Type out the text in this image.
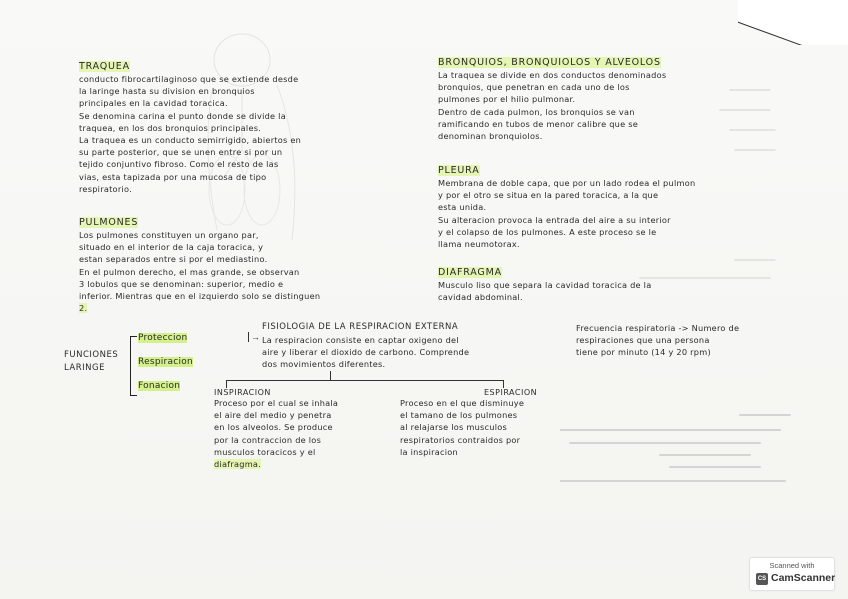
TRAQUEA
conducto fibrocartilaginoso que se extiende desde
la laringe hasta su division en bronquios
principales en la cavidad toracica.
Se denomina carina el punto donde se divide la
traquea, en los dos bronquios principales.
La traquea es un conducto semirrigido, abiertos en
su parte posterior, que se unen entre si por un
tejido conjuntivo fibroso. Como el resto de las
vias, esta tapizada por una mucosa de tipo
respiratorio.
PULMONES
Los pulmones constituyen un organo par,
situado en el interior de la caja toracica, y
estan separados entre si por el mediastino.
En el pulmon derecho, el mas grande, se observan
3 lobulos que se denominan: superior, medio e
inferior. Mientras que en el izquierdo solo se distinguen
2.
BRONQUIOS, BRONQUIOLOS Y ALVEOLOS
La traquea se divide en dos conductos denominados
bronquios, que penetran en cada uno de los
pulmones por el hilio pulmonar.
Dentro de cada pulmon, los bronquios se van
ramificando en tubos de menor calibre que se
denominan bronquiolos.
PLEURA
Membrana de doble capa, que por un lado rodea el pulmon
y por el otro se situa en la pared toracica, a la que
esta unida.
Su alteracion provoca la entrada del aire a su interior
y el colapso de los pulmones. A este proceso se le
llama neumotorax.
DIAFRAGMA
Musculo liso que separa la cavidad toracica de la
cavidad abdominal.
FUNCIONES
LARINGE
Proteccion
Respiracion
Fonacion
FISIOLOGIA DE LA RESPIRACION EXTERNA
→ La respiracion consiste en captar oxigeno del
aire y liberar el dioxido de carbono. Comprende
dos movimientos diferentes.
Frecuencia respiratoria -> Numero de
respiraciones que una persona
tiene por minuto (14 y 20 rpm)
INSPIRACION
Proceso por el cual se inhala
el aire del medio y penetra
en los alveolos. Se produce
por la contraccion de los
musculos toracicos y el
diafragma.
ESPIRACION
Proceso en el que disminuye
el tamano de los pulmones
al relajarse los musculos
respiratorios contraidos por
la inspiracion
Scanned with
CS CamScanner
